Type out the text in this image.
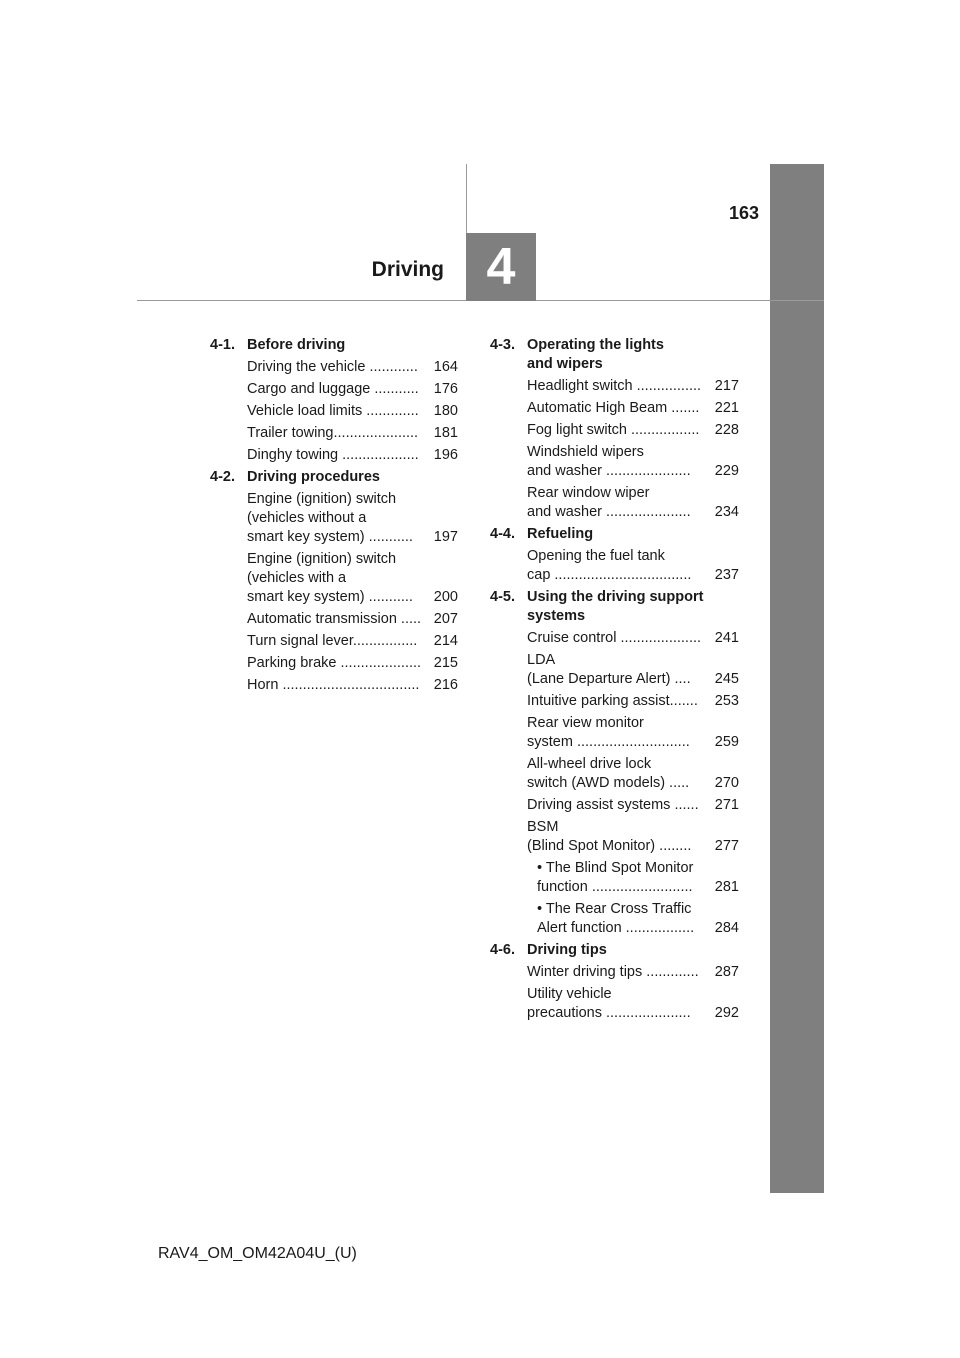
163
Driving 4
4-1. Before driving
Driving the vehicle ............	164
Cargo and luggage ...........	176
Vehicle load limits .............	180
Trailer towing.....................	181
Dinghy towing ...................	196
4-2. Driving procedures
Engine (ignition) switch
(vehicles without a
smart key system) ...........	197
Engine (ignition) switch
(vehicles with a
smart key system) ...........	200
Automatic transmission ..... 207
Turn signal lever................	214
Parking brake .................... 215
Horn .................................. 216
4-3. Operating the lights
and wipers
Headlight switch ................ 217
Automatic High Beam .......	221
Fog light switch .................	228
Windshield wipers
and washer .....................	229
Rear window wiper
and washer .....................	234
4-4. Refueling
Opening the fuel tank
cap ..................................	237
4-5. Using the driving support
systems
Cruise control .................... 241
LDA
(Lane Departure Alert) ....	245
Intuitive parking assist.......	253
Rear view monitor
system ............................	259
All-wheel drive lock
switch (AWD models) .....	270
Driving assist systems ......	271
BSM
(Blind Spot Monitor) ........	277
• The Blind Spot Monitor
function .........................	281
• The Rear Cross Traffic
Alert function .................	284
4-6. Driving tips
Winter driving tips .............	287
Utility vehicle
precautions .....................	292
RAV4_OM_OM42A04U_(U)
